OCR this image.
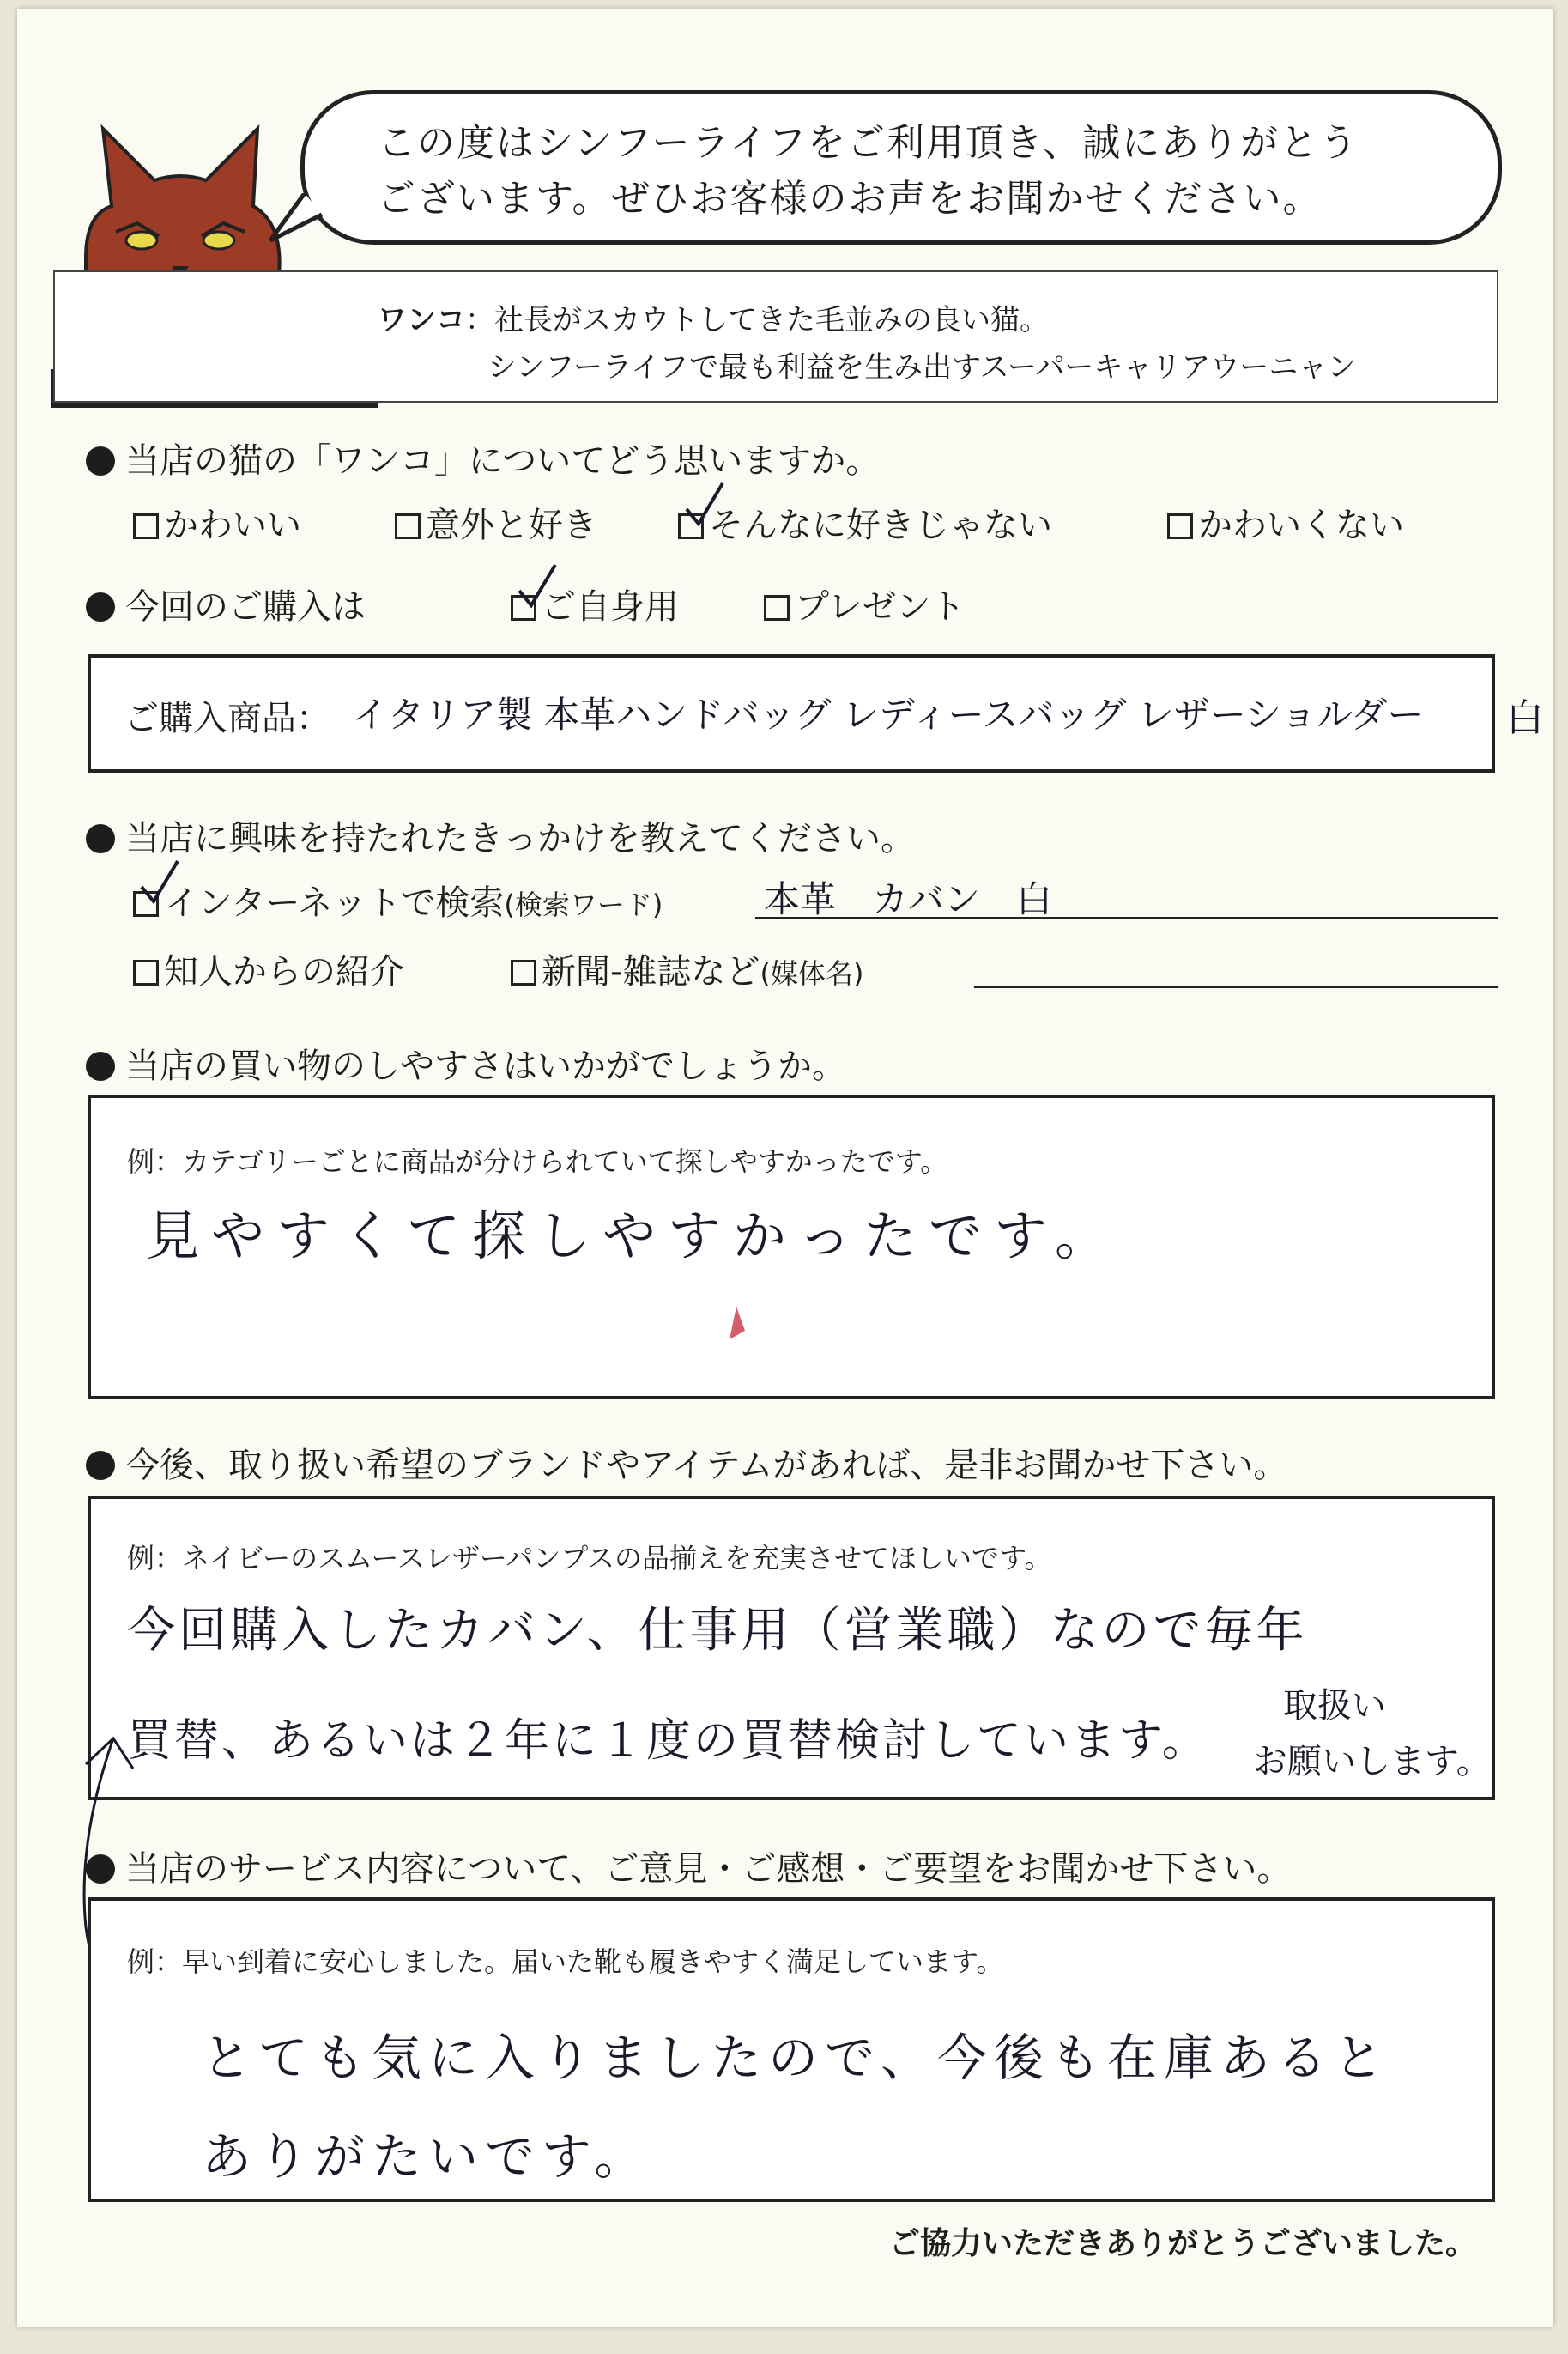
この度はシンフーライフをご利用頂き、誠にありがとう
ございます。ぜひお客様のお声をお聞かせください。
ワンコ：社長がスカウトしてきた毛並みの良い猫。
シンフーライフで最も利益を生み出すスーパーキャリアウーニャン
当店の猫の「ワンコ」についてどう思いますか。
かわいい	意外と好き	そんなに好きじゃない	かわいくない
今回のご購入は	ご自身用	プレゼント
ご購入商品： イタリア製 本革ハンドバッグ レディースバッグ レザーショルダー 白
当店に興味を持たれたきっかけを教えてください。
インターネットで検索(検索ワード)	本革　カバン　白
知人からの紹介	新聞-雑誌など(媒体名)
当店の買い物のしやすさはいかがでしょうか。
例：カテゴリーごとに商品が分けられていて探しやすかったです。
見やすくて探しやすかったです。
今後、取り扱い希望のブランドやアイテムがあれば、是非お聞かせ下さい。
例：ネイビーのスムースレザーパンプスの品揃えを充実させてほしいです。
今回購入したカバン、仕事用（営業職）なので毎年
買替、あるいは２年に１度の買替検討しています。
取扱い
お願いします。
当店のサービス内容について、ご意見・ご感想・ご要望をお聞かせ下さい。
例：早い到着に安心しました。届いた靴も履きやすく満足しています。
とても気に入りましたので、今後も在庫あると
ありがたいです。
ご協力いただきありがとうございました。
